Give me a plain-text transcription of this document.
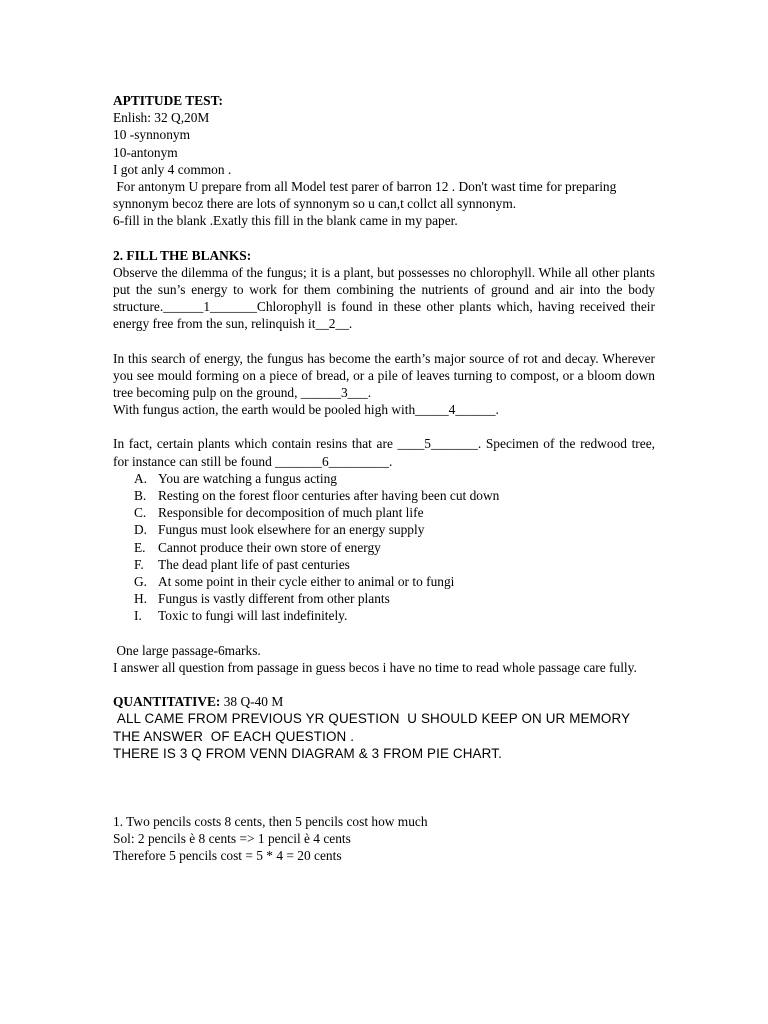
APTITUDE TEST:
Enlish: 32 Q,20M
10 -synnonym
10-antonym
I got anly 4 common .
For antonym U prepare from all Model test parer of barron 12 . Don't wast time for preparing synnonym becoz there are lots of synnonym so u can,t collct all synnonym.
6-fill in the blank .Exatly this fill in the blank came in my paper.
2. FILL THE BLANKS:

Observe the dilemma of the fungus; it is a plant, but possesses no chlorophyll. While all other plants put the sun’s energy to work for them combining the nutrients of ground and air into the body structure.______1_______Chlorophyll is found in these other plants which, having received their energy free from the sun, relinquish it__2__.

In this search of energy, the fungus has become the earth’s major source of rot and decay. Wherever you see mould forming on a piece of bread, or a pile of leaves turning to compost, or a bloom down tree becoming pulp on the ground, ______3___.

With fungus action, the earth would be pooled high with_____4______.

In fact, certain plants which contain resins that are ____5_______. Specimen of the redwood tree, for instance can still be found _______6_________.

A. You are watching a fungus acting
B. Resting on the forest floor centuries after having been cut down
C. Responsible for decomposition of much plant life
D. Fungus must look elsewhere for an energy supply
E. Cannot produce their own store of energy
F. The dead plant life of past centuries
G. At some point in their cycle either to animal or to fungi
H. Fungus is vastly different from other plants
I. Toxic to fungi will last indefinitely.
One large passage-6marks.

I answer all question from passage in guess becos i have no time to read whole passage care fully.

QUANTITATIVE: 38 Q-40 M

ALL CAME FROM PREVIOUS YR QUESTION  U SHOULD KEEP ON UR MEMORY THE ANSWER  OF EACH QUESTION .

THERE IS 3 Q FROM VENN DIAGRAM & 3 FROM PIE CHART.

1. Two pencils costs 8 cents, then 5 pencils cost how much
Sol: 2 pencils è 8 cents => 1 pencil è 4 cents
Therefore 5 pencils cost = 5 * 4 = 20 cents
